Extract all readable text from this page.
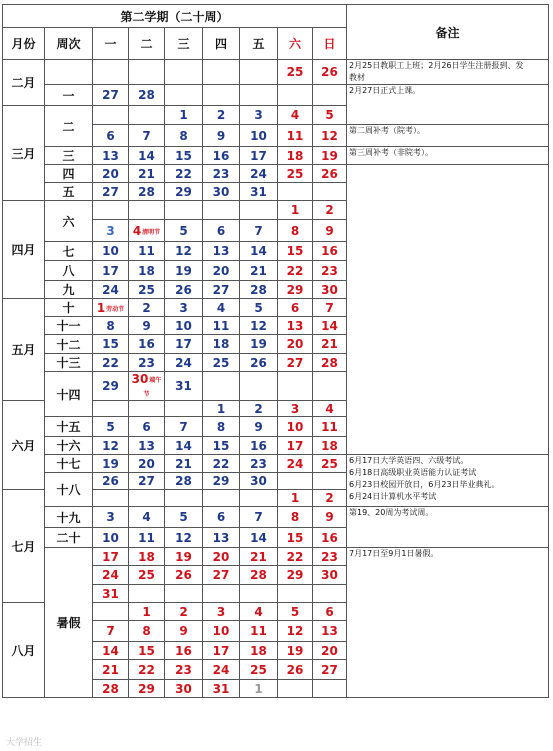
第二学期（二十周）									备注
月份	周次	一	二	三	四	五	六	日	
二月							25	26	2月25日教职工上班；2月26日学生注册报到、发
教材

	一	27	28						2月27日正式上课。

三月	二			1	2	3	4	5	
		6	7	8	9	10	11	12	第二周补考（院考）。

	三	13	14	15	16	17	18	19	第三周补考（非院考）。

	四	20	21	22	23	24	25	26	
	五	27	28	29	30	31			
四月	六						1	2	
		3	4清明节	5	6	7	8	9	
	七	10	11	12	13	14	15	16	
	八	17	18	19	20	21	22	23	
	九	24	25	26	27	28	29	30	
五月	十	1劳动节	2	3	4	5	6	7	
	十一	8	9	10	11	12	13	14	
	十二	15	16	17	18	19	20	21	
	十三	22	23	24	25	26	27	28	
	十四	29	30端午节	31					
六月					1	2	3	4	
	十五	5	6	7	8	9	10	11	
	十六	12	13	14	15	16	17	18	
	十七	19	20	21	22	23	24	25	6月17日大学英语四、六级考试。
6月18日高级职业英语能力认证考试
6月23日校园开放日，6月23日毕业典礼。
6月24日计算机水平考试

	十八	26	27	28	29	30			
七月							1	2	
	十九	3	4	5	6	7	8	9	第19、20周为考试周。

	二十	10	11	12	13	14	15	16	
	暑假	17	18	19	20	21	22	23	7月17日至9月1日暑假。

		24	25	26	27	28	29	30	
		31							
八月			1	2	3	4	5	6	
		7	8	9	10	11	12	13	
		14	15	16	17	18	19	20	
		21	22	23	24	25	26	27	
		28	29	30	31	1			
大学招生
